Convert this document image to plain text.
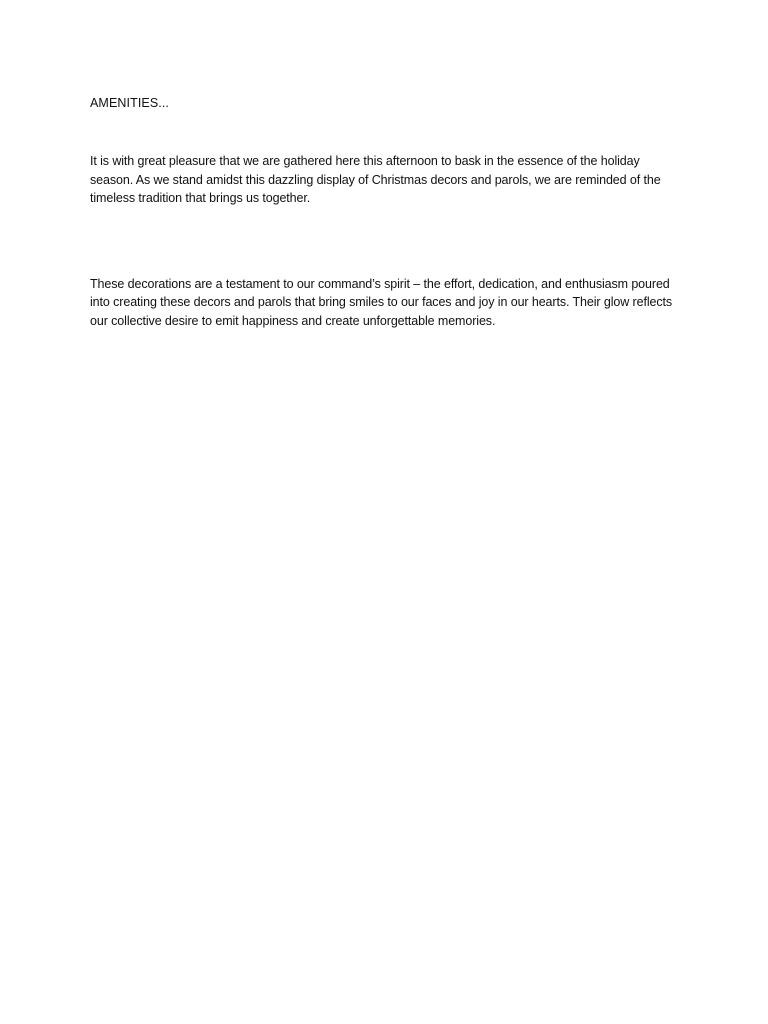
AMENITIES...

It is with great pleasure that we are gathered here this afternoon to bask in the essence of the holiday season. As we stand amidst this dazzling display of Christmas decors and parols, we are reminded of the timeless tradition that brings us together.

These decorations are a testament to our command’s spirit – the effort, dedication, and enthusiasm poured into creating these decors and parols that bring smiles to our faces and joy in our hearts. Their glow reflects our collective desire to emit happiness and create unforgettable memories.
